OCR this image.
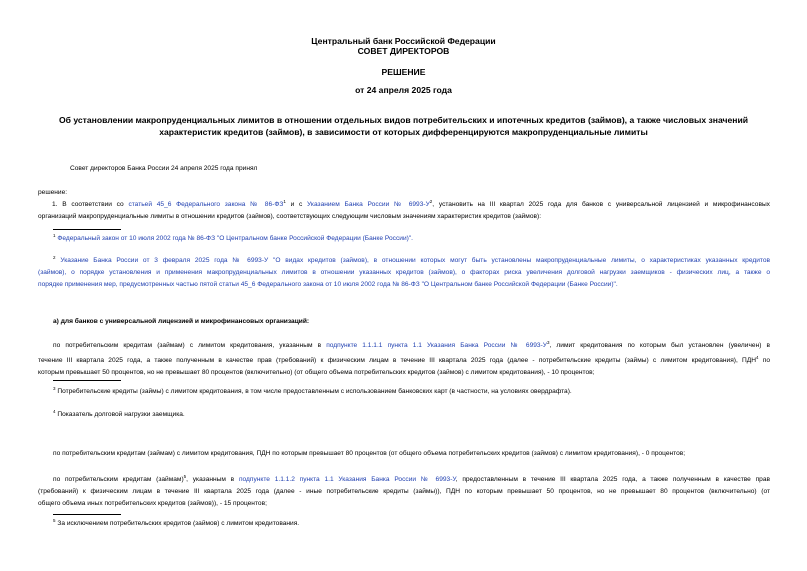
Центральный банк Российской Федерации
СОВЕТ ДИРЕКТОРОВ
РЕШЕНИЕ
от 24 апреля 2025 года
Об установлении макропруденциальных лимитов в отношении отдельных видов потребительских и ипотечных кредитов (займов), а также числовых значений
характеристик кредитов (займов), в зависимости от которых дифференцируются макропруденциальные лимиты
Совет директоров Банка России 24 апреля 2025 года принял
решение:
1. В соответствии со статьей 45_6 Федерального закона № $86-ФЗ^1$ и с Указанием Банка России № $6993-У^2$, установить на III квартал 2025 года для банков с универсальной лицензией и микрофинансовых
организаций макропруденциальные лимиты в отношении кредитов (займов), соответствующих следующим числовым значениям характеристик кредитов (займов):
$^1$ Федеральный закон от 10 июля 2002 года № 86-ФЗ "О Центральном банке Российской Федерации (Банке России)".
$^2$ Указание Банка России от 3 февраля 2025 года № 6993-У "О видах кредитов (займов), в отношении которых могут быть установлены макропруденциальные лимиты, о характеристиках указанных кредитов
(займов), о порядке установления и применения макропруденциальных лимитов в отношении указанных кредитов (займов), о факторах риска увеличения долговой нагрузки заемщиков - физических лиц, а также о
порядке применения мер, предусмотренных частью пятой статьи 45_6 Федерального закона от 10 июля 2002 года № 86-ФЗ "О Центральном банке Российской Федерации (Банке России)".
а) для банков с универсальной лицензией и микрофинансовых организаций:
по потребительским кредитам (займам) с лимитом кредитования, указанным в подпункте 1.1.1.1 пункта 1.1 Указания Банка России № $6993-У^3$, лимит кредитования по которым был установлен (увеличен) в
течение III квартала 2025 года, а также полученным в качестве прав (требований) к физическим лицам в течение III квартала 2025 года (далее - потребительские кредиты (займы) с лимитом кредитования), ПДН$^4$ по
которым превышает 50 процентов, но не превышает 80 процентов (включительно) (от общего объема потребительских кредитов (займов) с лимитом кредитования), - 10 процентов;
$^3$ Потребительские кредиты (займы) с лимитом кредитования, в том числе предоставленным с использованием банковских карт (в частности, на условиях овердрафта).
$^4$ Показатель долговой нагрузки заемщика.
по потребительским кредитам (займам) с лимитом кредитования, ПДН по которым превышает 80 процентов (от общего объема потребительских кредитов (займов) с лимитом кредитования), - 0 процентов;
по потребительским кредитам (займам)$^5$, указанным в подпункте 1.1.1.2 пункта 1.1 Указания Банка России № 6993-У, предоставленным в течение III квартала 2025 года, а также полученным в качестве прав
(требований) к физическим лицам в течение III квартала 2025 года (далее - иные потребительские кредиты (займы)), ПДН по которым превышает 50 процентов, но не превышает 80 процентов (включительно) (от
общего объема иных потребительских кредитов (займов)), - 15 процентов;
$^5$ За исключением потребительских кредитов (займов) с лимитом кредитования.
